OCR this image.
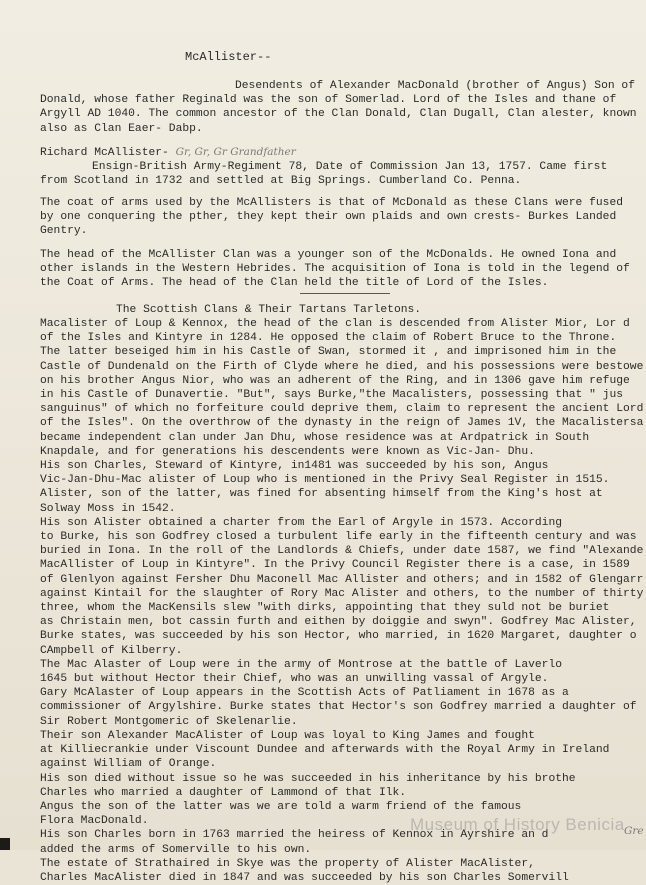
McAllister--
Desendents of Alexander MacDonald (brother of Angus) Son of
Donald, whose father Reginald was the son of Somerlad. Lord of the Isles and thane of
Argyll AD 1040. The common ancestor of the Clan Donald, Clan Dugall, Clan alester, known
also as Clan Eaer- Dabp.
Richard McAllister- Gr, Gr, Gr Grandfather
Ensign-British Army-Regiment 78, Date of Commission Jan 13, 1757. Came first
from Scotland in 1732 and settled at Big Springs. Cumberland Co. Penna.
The coat of arms used by the McAllisters is that of McDonald as these Clans were fused
by one conquering the pther, they kept their own plaids and own crests- Burkes Landed
Gentry.
The head of the McAllister Clan was a younger son of the McDonalds. He owned Iona and
other islands in the Western Hebrides. The acquisition of Iona is told in the legend of
the Coat of Arms. The head of the Clan held the title of Lord of the Isles.
The Scottish Clans & Their Tartans Tarletons.
Macalister of Loup & Kennox, the head of the clan is descended from Alister Mior, Lor d
of the Isles and Kintyre in 1284. He opposed the claim of Robert Bruce to the Throne.
The latter beseiged him in his Castle of Swan, stormed it , and imprisoned him in the
Castle of Dundenald on the Firth of Clyde where he died, and his possessions were bestowe
on his brother Angus Nior, who was an adherent of the Ring, and in 1306 gave him refuge
in his Castle of Dunavertie. "But", says Burke,"the Macalisters, possessing that " jus
sanguinus" of which no forfeiture could deprive them, claim to represent the ancient Lord
of the Isles". On the overthrow of the dynasty in the reign of James 1V, the Macalistersa
became independent clan under Jan Dhu, whose residence was at Ardpatrick in South
Knapdale, and for generations his descendents were known as Vic-Jan- Dhu.
His son Charles, Steward of Kintyre, in1481 was succeeded by his son, Angus
Vic-Jan-Dhu-Mac alister of Loup who is mentioned in the Privy Seal Register in 1515.
Alister, son of the latter, was fined for absenting himself from the King's host at
Solway Moss in 1542.
His son Alister obtained a charter from the Earl of Argyle in 1573. According
to Burke, his son Godfrey closed a turbulent life early in the fifteenth century and was
buried in Iona. In the roll of the Landlords & Chiefs, under date 1587, we find "Alexande
MacAllister of Loup in Kintyre". In the Privy Council Register there is a case, in 1589
of Glenlyon against Fersher Dhu Maconell Mac Allister and others; and in 1582 of Glengarr
against Kintail for the slaughter of Rory Mac Alister and others, to the number of thirty
three, whom the MacKensils slew "with dirks, appointing that they suld not be buriet
as Christain men, bot cassin furth and eithen by doiggie and swyn". Godfrey Mac Alister,
Burke states, was succeeded by his son Hector, who married, in 1620 Margaret, daughter o
CAmpbell of Kilberry.
The Mac Alaster of Loup were in the army of Montrose at the battle of Laverlo
1645 but without Hector their Chief, who was an unwilling vassal of Argyle.
Gary McAlaster of Loup appears in the Scottish Acts of Patliament in 1678 as a
commissioner of Argylshire. Burke states that Hector's son Godfrey married a daughter of
Sir Robert Montgomeric of Skelenarlie.
Their son Alexander MacAlister of Loup was loyal to King James and fought
at Killiecrankie under Viscount Dundee and afterwards with the Royal Army in Ireland
against William of Orange.
His son died without issue so he was succeeded in his inheritance by his brothe
Charles who married a daughter of Lammond of that Ilk.
Angus the son of the latter was we are told a warm friend of the famous
Flora MacDonald.
His son Charles born in 1763 married the heiress of Kennox in Ayrshire an d
added the arms of Somerville to his own.
The estate of Strathaired in Skye was the property of Alister MacAlister,
Charles MacAlister died in 1847 and was succeeded by his son Charles Somervill
Gre
Museum of History Benicia
